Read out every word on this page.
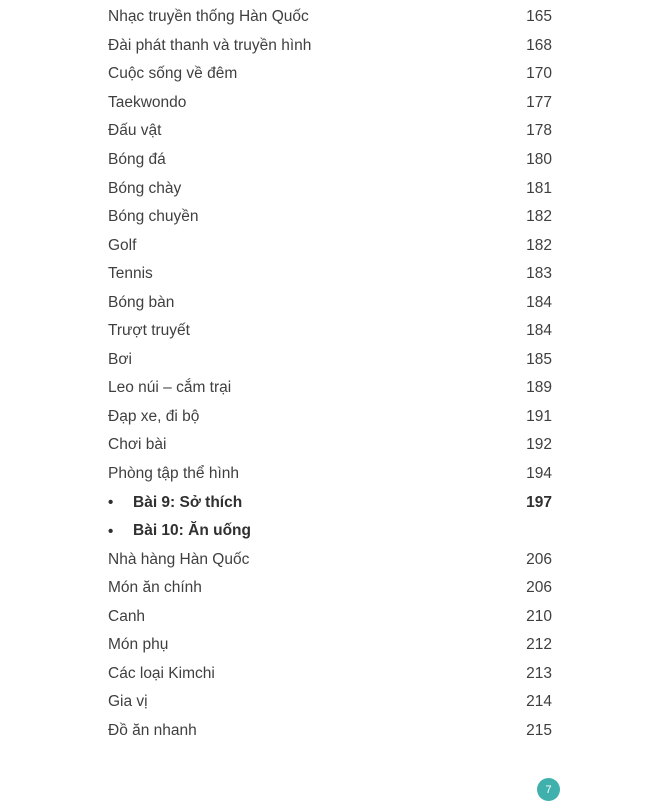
Nhạc truyền thống Hàn Quốc	165
Đài phát thanh và truyền hình	168
Cuộc sống về đêm	170
Taekwondo	177
Đấu vật	178
Bóng đá	180
Bóng chày	181
Bóng chuyền	182
Golf	182
Tennis	183
Bóng bàn	184
Trượt truyết	184
Bơi	185
Leo núi – cắm trại	189
Đạp xe, đi bộ	191
Chơi bài	192
Phòng tập thể hình	194
•	Bài 9: Sở thích	197
•	Bài 10: Ăn uống
Nhà hàng Hàn Quốc	206
Món ăn chính	206
Canh	210
Món phụ	212
Các loại Kimchi	213
Gia vị	214
Đồ ăn nhanh	215
7
